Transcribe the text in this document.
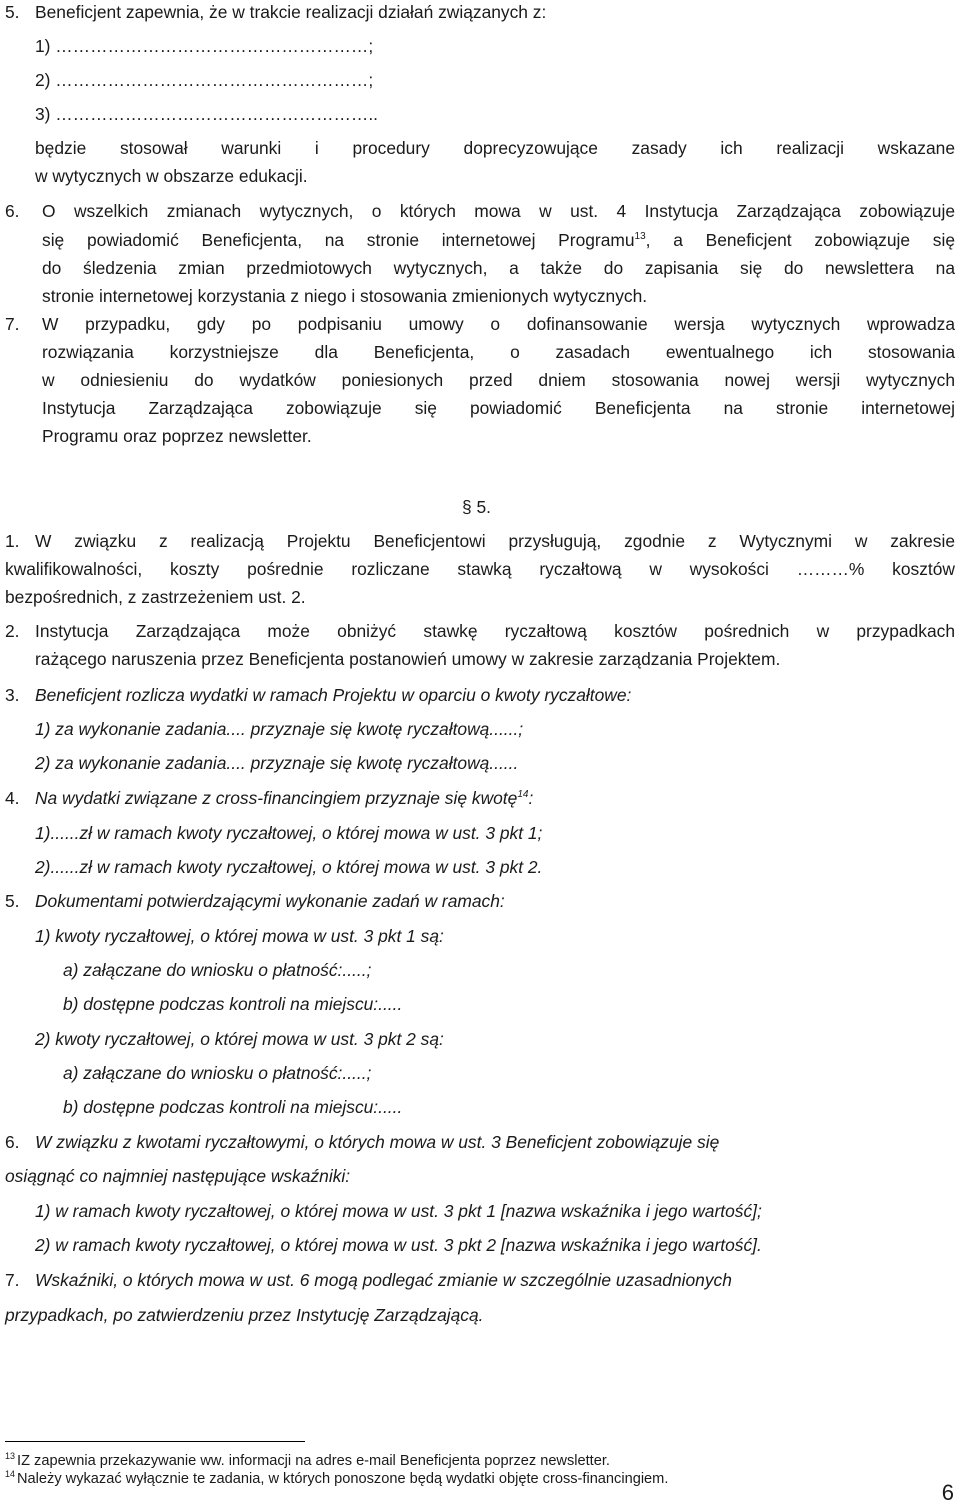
5. Beneficjent zapewnia, że w trakcie realizacji działań związanych z:
1) ………………………………………………;
2) ………………………………………………;
3) ………………………………………………..
będzie stosował warunki i procedury doprecyzowujące zasady ich realizacji wskazane
w wytycznych w obszarze edukacji.
6. O wszelkich zmianach wytycznych, o których mowa w ust. 4 Instytucja Zarządzająca zobowiązuje
się powiadomić Beneficjenta, na stronie internetowej Programu$^{13}$, a Beneficjent zobowiązuje się
do śledzenia zmian przedmiotowych wytycznych, a także do zapisania się do newslettera na
stronie internetowej korzystania z niego i stosowania zmienionych wytycznych.
7. W przypadku, gdy po podpisaniu umowy o dofinansowanie wersja wytycznych wprowadza
rozwiązania korzystniejsze dla Beneficjenta, o zasadach ewentualnego ich stosowania
w odniesieniu do wydatków poniesionych przed dniem stosowania nowej wersji wytycznych
Instytucja Zarządzająca zobowiązuje się powiadomić Beneficjenta na stronie internetowej
Programu oraz poprzez newsletter.
§ 5.
1. W związku z realizacją Projektu Beneficjentowi przysługują, zgodnie z Wytycznymi w zakresie
kwalifikowalności, koszty pośrednie rozliczane stawką ryczałtową w wysokości ………% kosztów
bezpośrednich, z zastrzeżeniem ust. 2.
2. Instytucja Zarządzająca może obniżyć stawkę ryczałtową kosztów pośrednich w przypadkach
rażącego naruszenia przez Beneficjenta postanowień umowy w zakresie zarządzania Projektem.
3. Beneficjent rozlicza wydatki w ramach Projektu w oparciu o kwoty ryczałtowe:
1) za wykonanie zadania.... przyznaje się kwotę ryczałtową......;
2) za wykonanie zadania.... przyznaje się kwotę ryczałtową......
4. Na wydatki związane z cross-financingiem przyznaje się kwotę$^{14}$:
1)......zł w ramach kwoty ryczałtowej, o której mowa w ust. 3 pkt 1;
2)......zł w ramach kwoty ryczałtowej, o której mowa w ust. 3 pkt 2.
5. Dokumentami potwierdzającymi wykonanie zadań w ramach:
1) kwoty ryczałtowej, o której mowa w ust. 3 pkt 1 są:
a) załączane do wniosku o płatność:.....;
b) dostępne podczas kontroli na miejscu:.....
2) kwoty ryczałtowej, o której mowa w ust. 3 pkt 2 są:
a) załączane do wniosku o płatność:.....;
b) dostępne podczas kontroli na miejscu:.....
6. W związku z kwotami ryczałtowymi, o których mowa w ust. 3 Beneficjent zobowiązuje się
osiągnąć co najmniej następujące wskaźniki:
1) w ramach kwoty ryczałtowej, o której mowa w ust. 3 pkt 1 [nazwa wskaźnika i jego wartość];
2) w ramach kwoty ryczałtowej, o której mowa w ust. 3 pkt 2 [nazwa wskaźnika i jego wartość].
7. Wskaźniki, o których mowa w ust. 6 mogą podlegać zmianie w szczególnie uzasadnionych
przypadkach, po zatwierdzeniu przez Instytucję Zarządzającą.
$^{13}$ IZ zapewnia przekazywanie ww. informacji na adres e-mail Beneficjenta poprzez newsletter.
$^{14}$ Należy wykazać wyłącznie te zadania, w których ponoszone będą wydatki objęte cross-financingiem.
6
